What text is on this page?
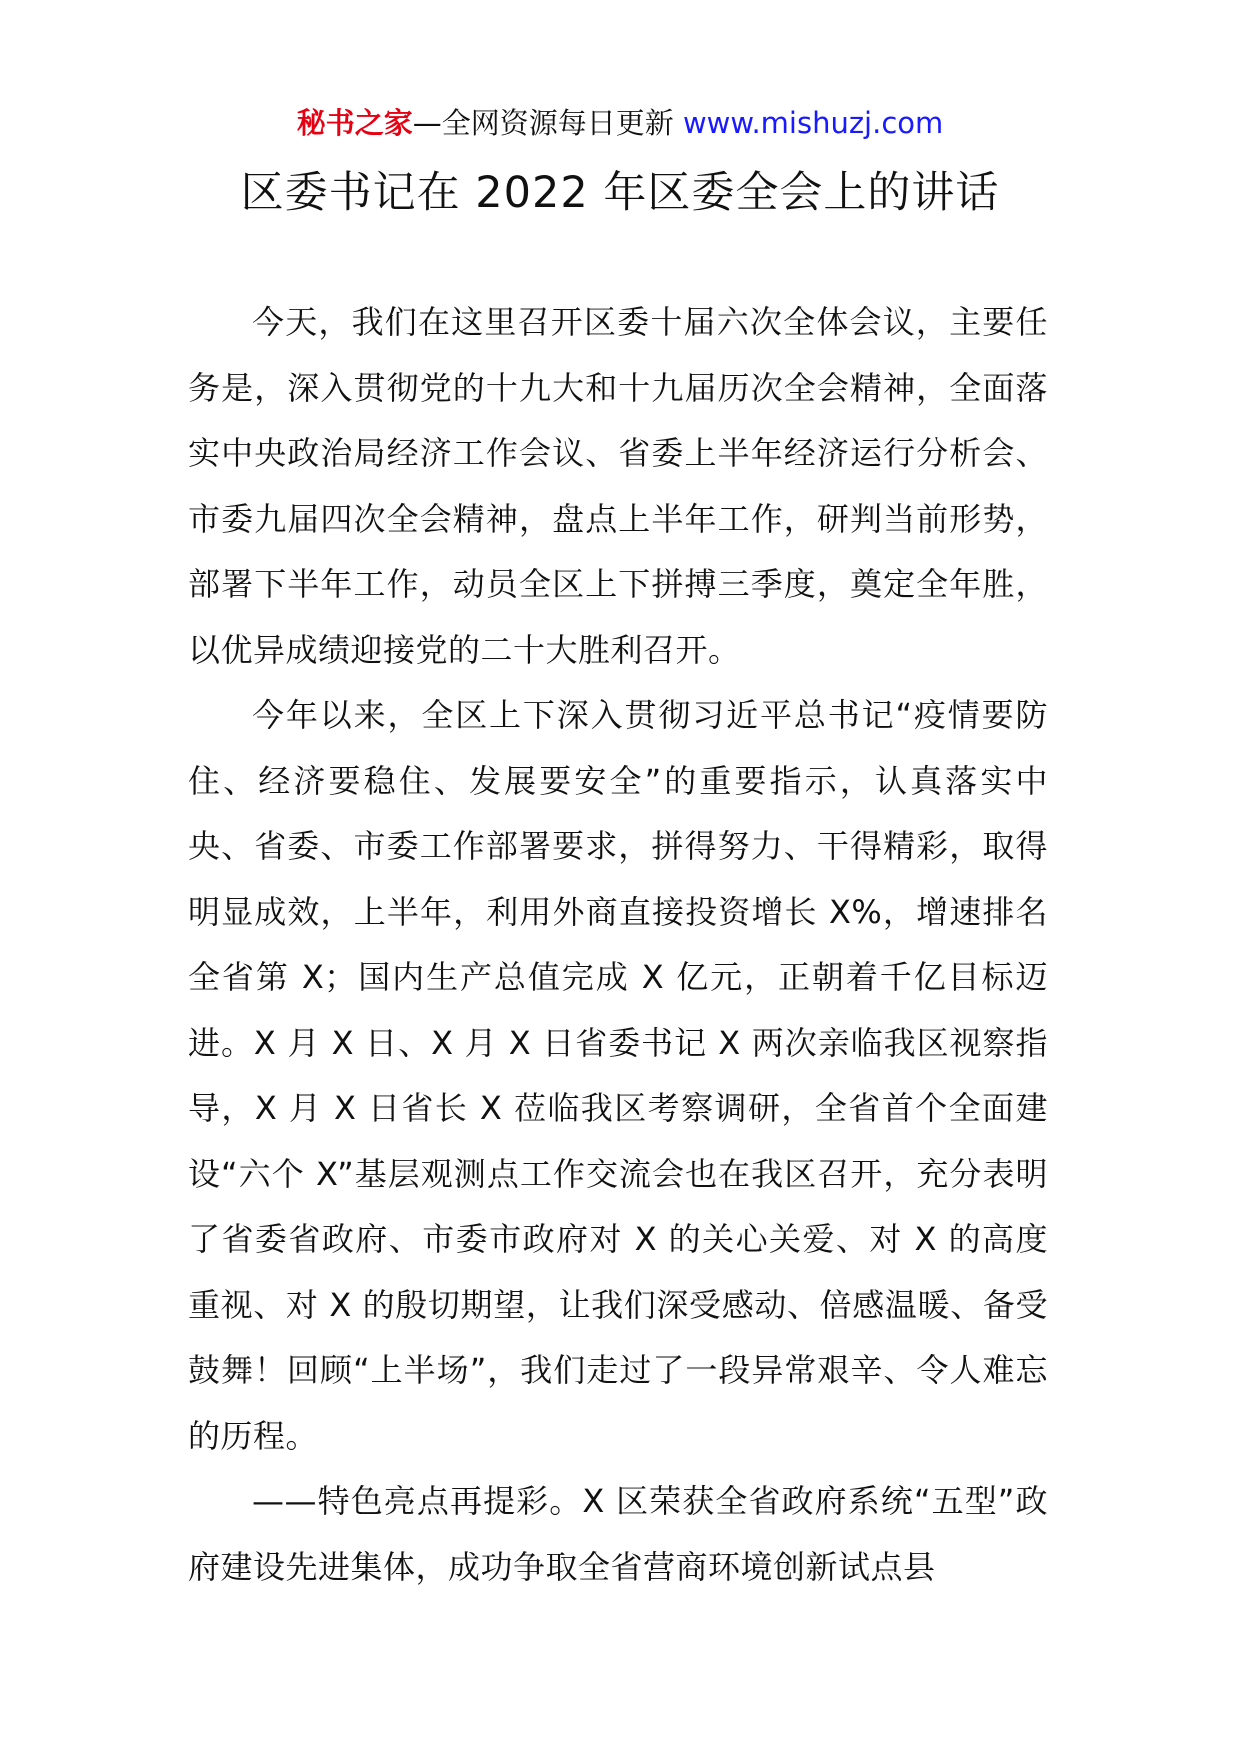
秘书之家—全网资源每日更新 www.mishuzj.com
区委书记在 2022 年区委全会上的讲话

今天，我们在这里召开区委十届六次全体会议，主要任务是，深入贯彻党的十九大和十九届历次全会精神，全面落实中央政治局经济工作会议、省委上半年经济运行分析会、市委九届四次全会精神，盘点上半年工作，研判当前形势，部署下半年工作，动员全区上下拼搏三季度，奠定全年胜，以优异成绩迎接党的二十大胜利召开。

今年以来，全区上下深入贯彻习近平总书记“疫情要防住、经济要稳住、发展要安全”的重要指示，认真落实中央、省委、市委工作部署要求，拼得努力、干得精彩，取得明显成效，上半年，利用外商直接投资增长 X%，增速排名全省第 X；国内生产总值完成 X 亿元，正朝着千亿目标迈进。X 月 X 日、X 月 X 日省委书记 X 两次亲临我区视察指导，X 月 X 日省长 X 莅临我区考察调研，全省首个全面建设“六个 X”基层观测点工作交流会也在我区召开，充分表明了省委省政府、市委市政府对 X 的关心关爱、对 X 的高度重视、对 X 的殷切期望，让我们深受感动、倍感温暖、备受鼓舞！回顾“上半场”，我们走过了一段异常艰辛、令人难忘的历程。

——特色亮点再提彩。X 区荣获全省政府系统“五型”政府建设先进集体，成功争取全省营商环境创新试点县
